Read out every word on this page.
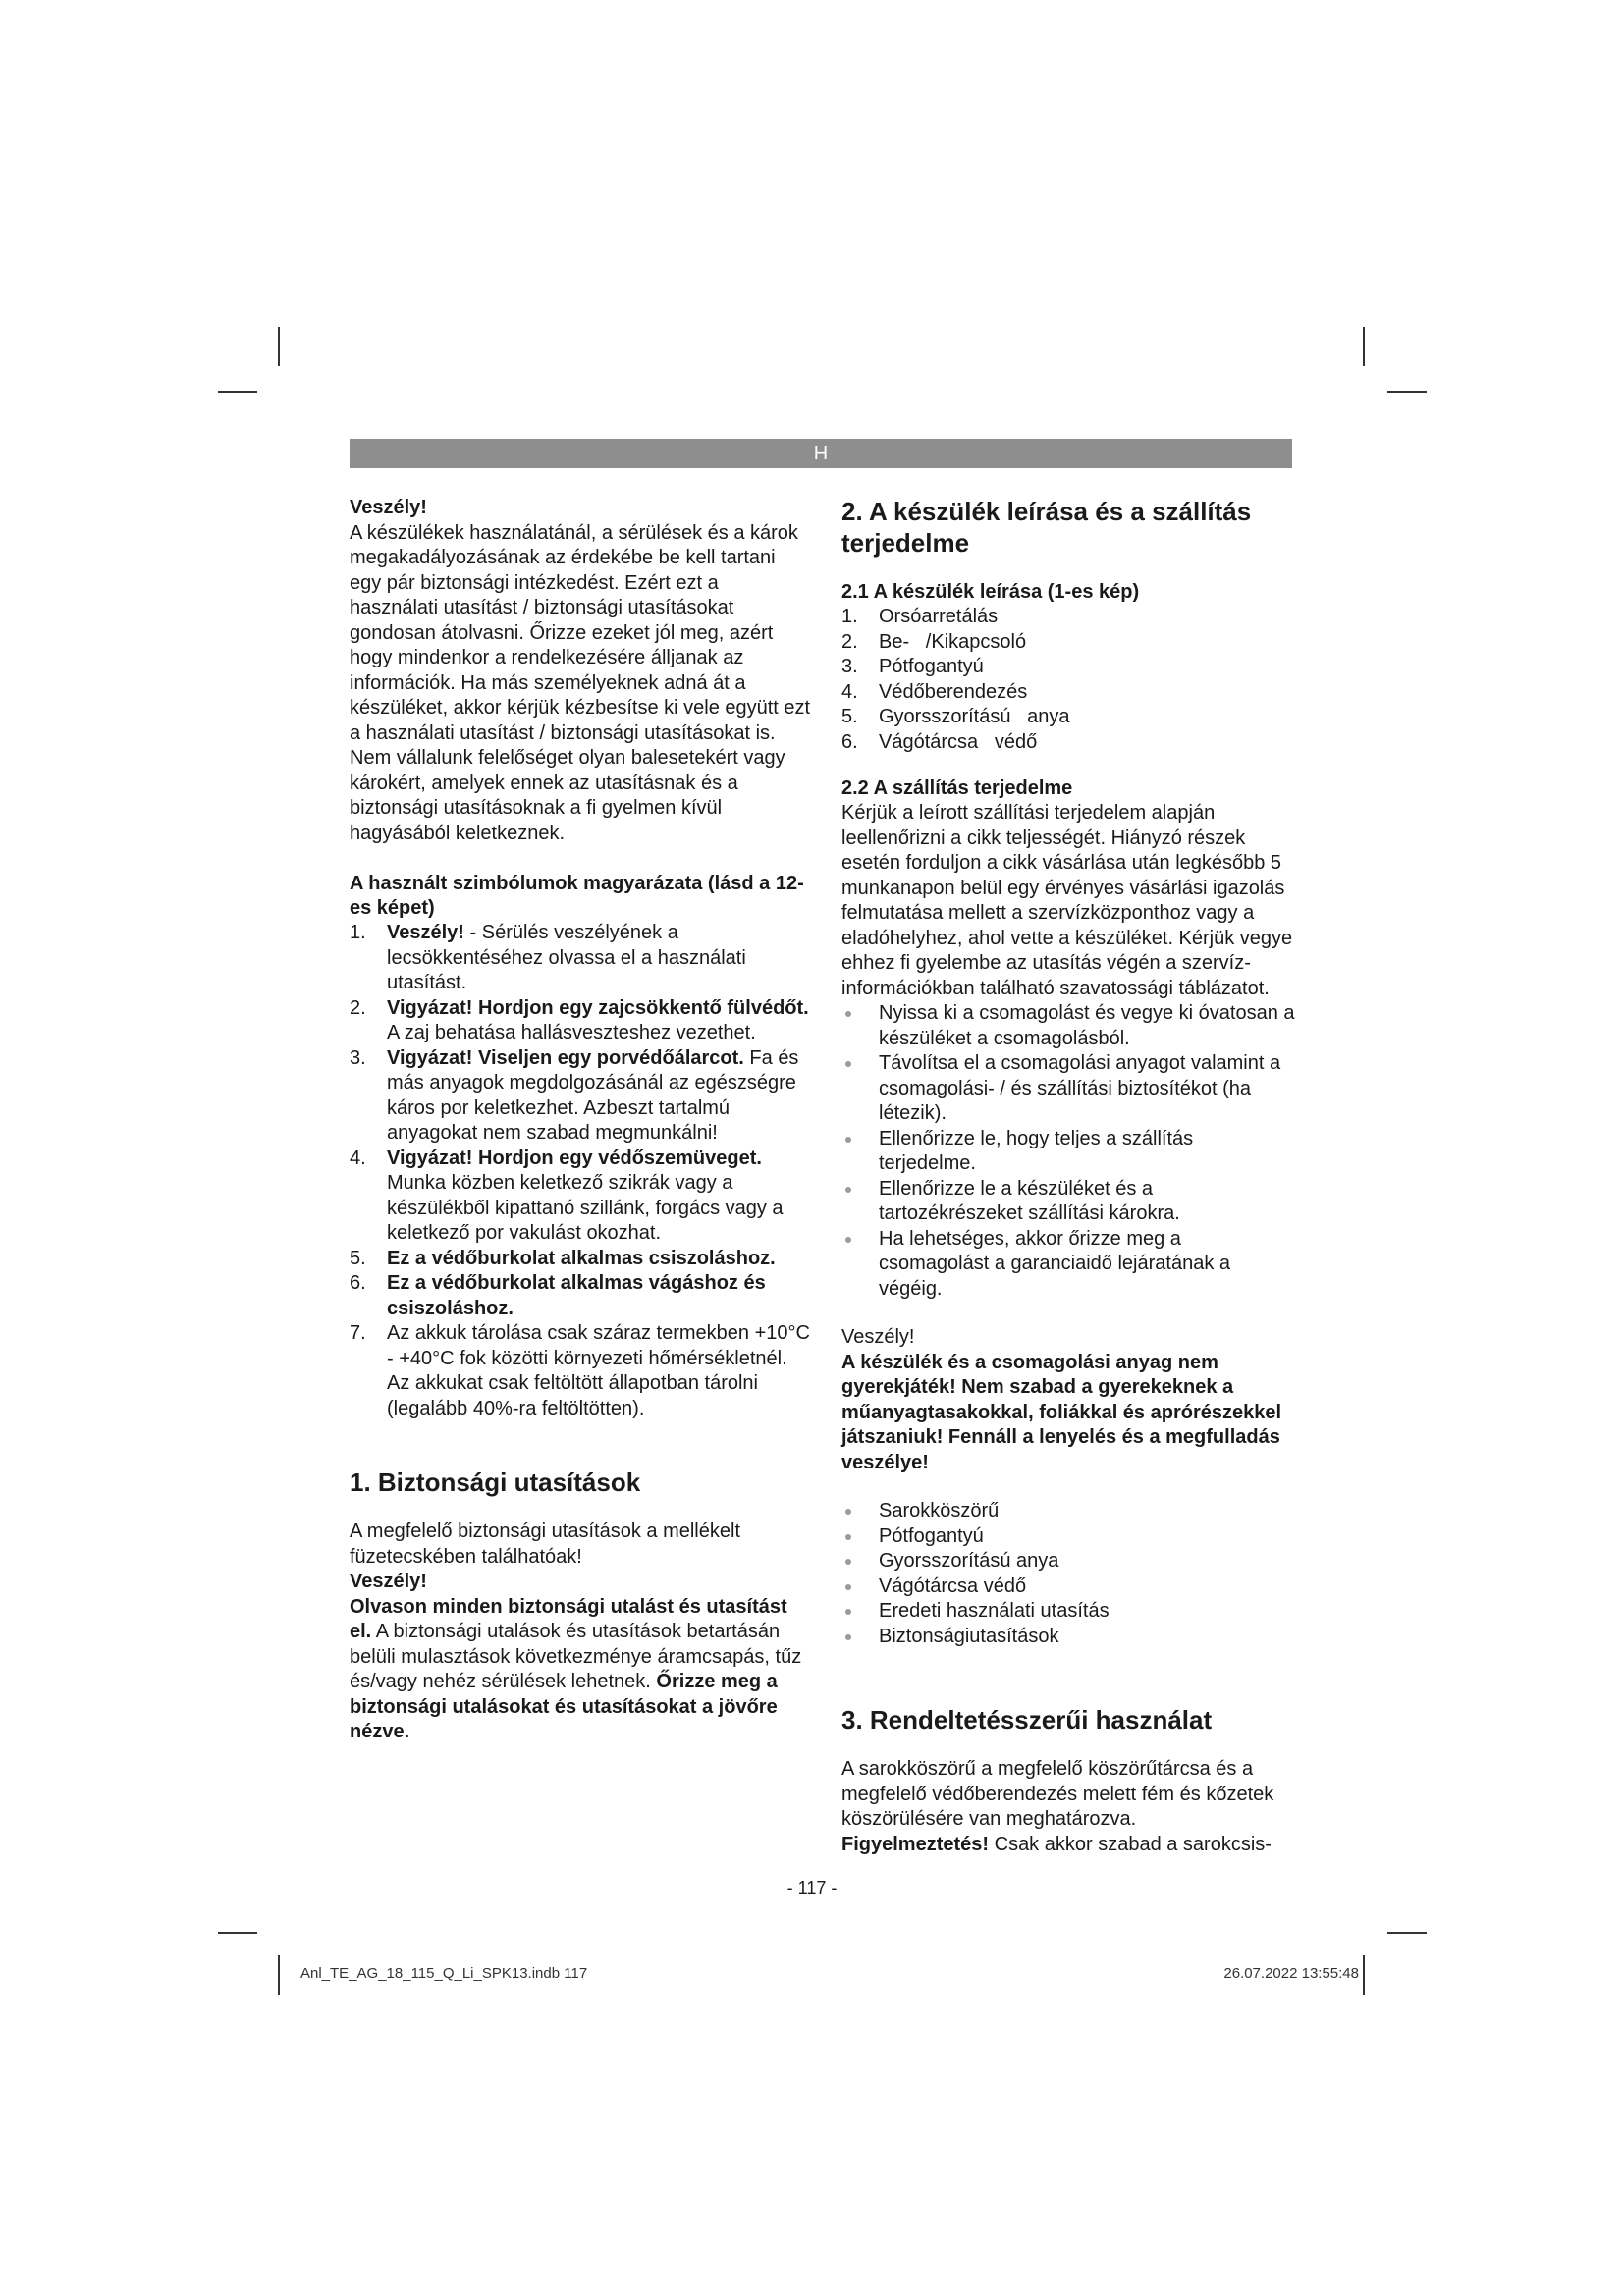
H

Veszély!

A készülékek használatánál, a sérülések és a károk megakadályozásának az érdekébe be kell tartani egy pár biztonsági intézkedést. Ezért ezt a használati utasítást / biztonsági utasításokat gondosan átolvasni. Őrizze ezeket jól meg, azért hogy mindenkor a rendelkezésére álljanak az információk. Ha más személyeknek adná át a készüléket, akkor kérjük kézbesítse ki vele együtt ezt a használati utasítást / biztonsági utasításokat is. Nem vállalunk felelőséget olyan balesetekért vagy károkért, amelyek ennek az utasításnak és a biztonsági utasításoknak a fi gyelmen kívül hagyásából keletkeznek.

A használt szimbólumok magyarázata (lásd a 12-es képet)
1.	Veszély! - Sérülés veszélyének a lecsökkentéséhez olvassa el a használati utasítást.
2.	Vigyázat! Hordjon egy zajcsökkentő fülvédőt. A zaj behatása hallásveszteshez vezethet.
3.	Vigyázat! Viseljen egy porvédőálarcot. Fa és más anyagok megdolgozásánál az egészségre káros por keletkezhet. Azbeszt tartalmú anyagokat nem szabad megmunkálni!
4.	Vigyázat! Hordjon egy védőszemüveget. Munka közben keletkező szikrák vagy a készülékből kipattanó szillánk, forgács vagy a keletkező por vakulást okozhat.
5.	Ez a védőburkolat alkalmas csiszoláshoz.
6.	Ez a védőburkolat alkalmas vágáshoz és csiszoláshoz.
7.	Az akkuk tárolása csak száraz termekben +10°C - +40°C fok közötti környezeti hőmérsékletnél. Az akkukat csak feltöltött állapotban tárolni (legalább 40%-ra feltöltötten).
1. Biztonsági utasítások

A megfelelő biztonsági utasítások a mellékelt füzetecskében találhatóak!

Veszély!

Olvason minden biztonsági utalást és utasítást el. A biztonsági utalások és utasítások betartásán belüli mulasztások következménye áramcsapás, tűz és/vagy nehéz sérülések lehetnek. Őrizze meg a biztonsági utalásokat és utasításokat a jövőre nézve.

2. A készülék leírása és a szállítás terjedelme
2.1 A készülék leírása (1-es kép)
1. Orsóarretálás
2. Be-   /Kikapcsoló
3. Pótfogantyú
4. Védőberendezés
5. Gyorsszorítású   anya
6. Vágótárcsa   védő
2.2 A szállítás terjedelme

Kérjük a leírott szállítási terjedelem alapján leellenőrizni a cikk teljességét. Hiányzó részek esetén forduljon a cikk vásárlása után legkésőbb 5 munkanapon belül egy érvényes vásárlási igazolás felmutatása mellett a szervízközponthoz vagy a eladóhelyhez, ahol vette a készüléket. Kérjük vegye ehhez fi gyelembe az utasítás végén a szervíz-információkban található szavatossági táblázatot.

Nyissa ki a csomagolást és vegye ki óvatosan a készüléket a csomagolásból.
Távolítsa el a csomagolási anyagot valamint a csomagolási- / és szállítási biztosítékot (ha létezik).
Ellenőrizze le, hogy teljes a szállítás terjedelme.
Ellenőrizze le a készüléket és a tartozékrészeket szállítási károkra.
Ha lehetséges, akkor őrizze meg a csomagolást a garanciaidő lejáratának a végéig.

Veszély!

A készülék és a csomagolási anyag nem gyerekjáték! Nem szabad a gyerekeknek a műanyagtasakokkal, foliákkal és aprórészekkel játszaniuk! Fennáll a lenyelés és a megfulladás veszélye!

Sarokköszörű
Pótfogantyú
Gyorsszorítású anya
Vágótárcsa védő
Eredeti használati utasítás
Biztonságiutasítások
3. Rendeltetésszerűi használat

A sarokköszörű a megfelelő köszörűtárcsa és a megfelelő védőberendezés melett fém és kőzetek köszörülésére van meghatározva.

Figyelmeztetés! Csak akkor szabad a sarokcsis-

- 117 -
Anl_TE_AG_18_115_Q_Li_SPK13.indb 117	26.07.2022 13:55:48
